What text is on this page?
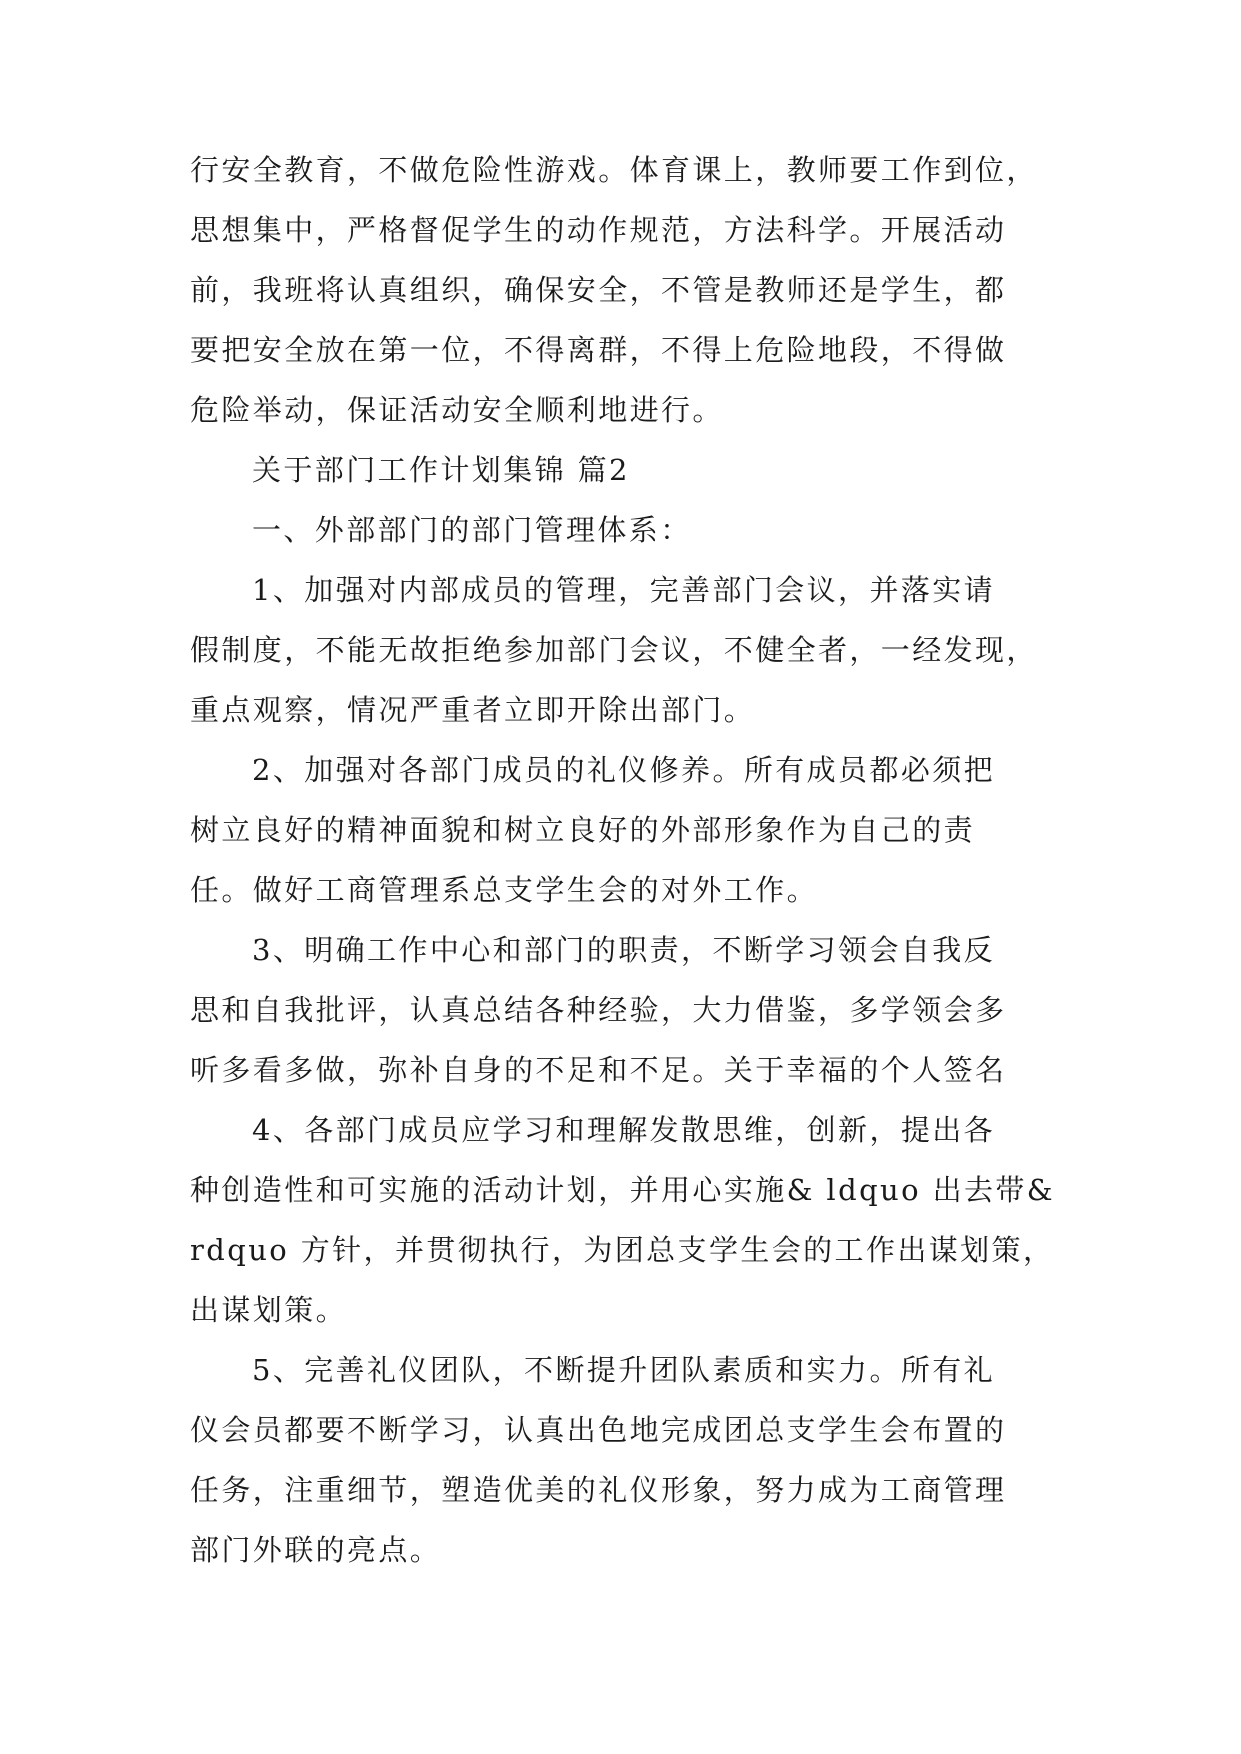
行安全教育，不做危险性游戏。体育课上，教师要工作到位，
思想集中，严格督促学生的动作规范，方法科学。开展活动
前，我班将认真组织，确保安全，不管是教师还是学生，都
要把安全放在第一位，不得离群，不得上危险地段，不得做
危险举动，保证活动安全顺利地进行。
关于部门工作计划集锦 篇2
一、外部部门的部门管理体系：
1、加强对内部成员的管理，完善部门会议，并落实请
假制度，不能无故拒绝参加部门会议，不健全者，一经发现，
重点观察，情况严重者立即开除出部门。
2、加强对各部门成员的礼仪修养。所有成员都必须把
树立良好的精神面貌和树立良好的外部形象作为自己的责
任。做好工商管理系总支学生会的对外工作。
3、明确工作中心和部门的职责，不断学习领会自我反
思和自我批评，认真总结各种经验，大力借鉴，多学领会多
听多看多做，弥补自身的不足和不足。关于幸福的个人签名
4、各部门成员应学习和理解发散思维，创新，提出各
种创造性和可实施的活动计划，并用心实施& ldquo 出去带&
rdquo 方针，并贯彻执行，为团总支学生会的工作出谋划策，
出谋划策。
5、完善礼仪团队，不断提升团队素质和实力。所有礼
仪会员都要不断学习，认真出色地完成团总支学生会布置的
任务，注重细节，塑造优美的礼仪形象，努力成为工商管理
部门外联的亮点。
